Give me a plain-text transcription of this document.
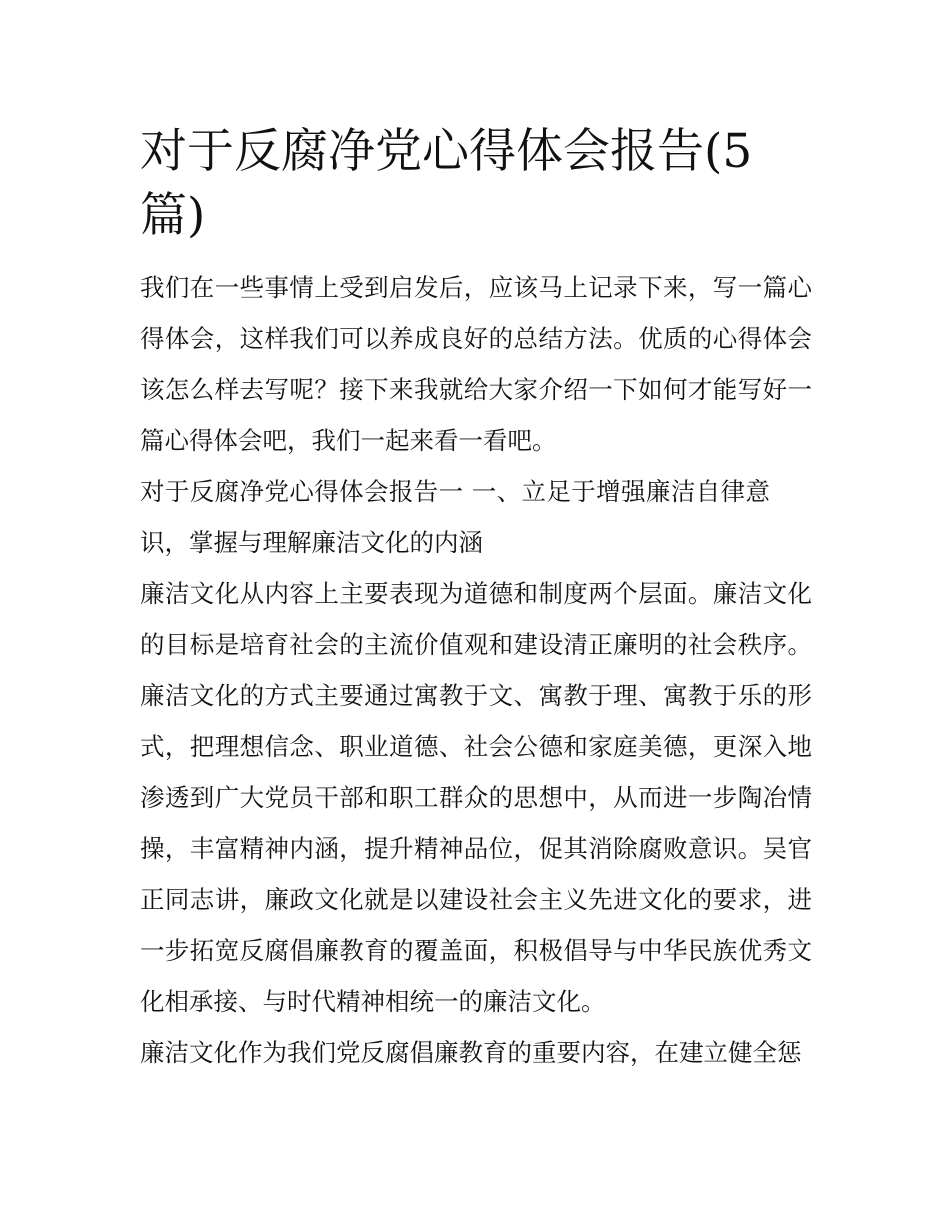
对于反腐净党心得体会报告(5篇)

我们在一些事情上受到启发后，应该马上记录下来，写一篇心得体会，这样我们可以养成良好的总结方法。优质的心得体会该怎么样去写呢？接下来我就给大家介绍一下如何才能写好一篇心得体会吧，我们一起来看一看吧。

对于反腐净党心得体会报告一 一、立足于增强廉洁自律意识，掌握与理解廉洁文化的内涵

廉洁文化从内容上主要表现为道德和制度两个层面。廉洁文化的目标是培育社会的主流价值观和建设清正廉明的社会秩序。廉洁文化的方式主要通过寓教于文、寓教于理、寓教于乐的形式，把理想信念、职业道德、社会公德和家庭美德，更深入地渗透到广大党员干部和职工群众的思想中，从而进一步陶冶情操，丰富精神内涵，提升精神品位，促其消除腐败意识。吴官正同志讲，廉政文化就是以建设社会主义先进文化的要求，进一步拓宽反腐倡廉教育的覆盖面，积极倡导与中华民族优秀文化相承接、与时代精神相统一的廉洁文化。

廉洁文化作为我们党反腐倡廉教育的重要内容，在建立健全惩
